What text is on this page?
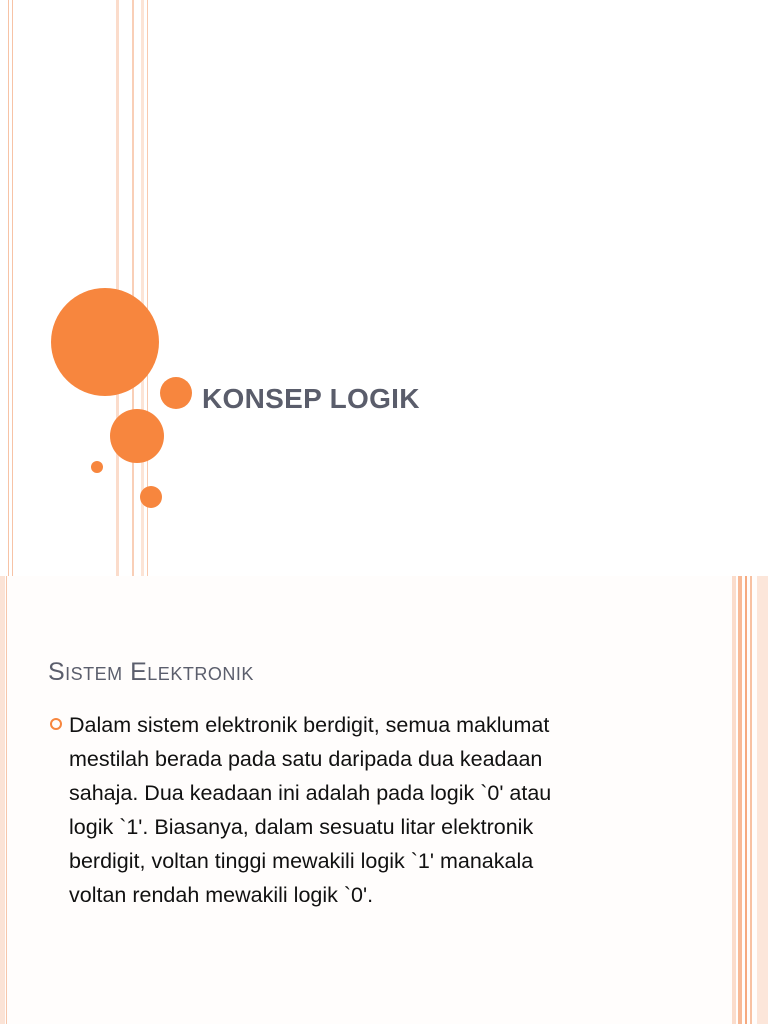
KONSEP LOGIK
Sistem Elektronik
Dalam sistem elektronik berdigit, semua maklumat
mestilah berada pada satu daripada dua keadaan
sahaja. Dua keadaan ini adalah pada logik `0' atau
logik `1'. Biasanya, dalam sesuatu litar elektronik
berdigit, voltan tinggi mewakili logik `1' manakala
voltan rendah mewakili logik `0'.
